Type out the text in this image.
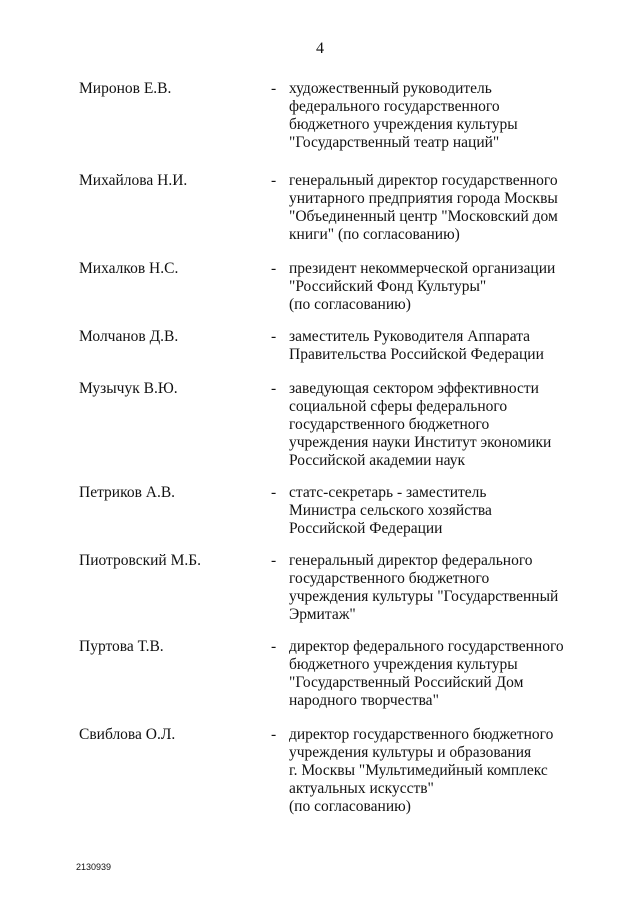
4
Миронов Е.В.	- художественный руководитель
федерального государственного
бюджетного учреждения культуры
"Государственный театр наций"
Михайлова Н.И.	- генеральный директор государственного
унитарного предприятия города Москвы
"Объединенный центр "Московский дом
книги" (по согласованию)
Михалков Н.С.	- президент некоммерческой организации
"Российский Фонд Культуры"
(по согласованию)
Молчанов Д.В.	- заместитель Руководителя Аппарата
Правительства Российской Федерации
Музычук В.Ю.	- заведующая сектором эффективности
социальной сферы федерального
государственного бюджетного
учреждения науки Институт экономики
Российской академии наук
Петриков А.В.	- статс-секретарь - заместитель
Министра сельского хозяйства
Российской Федерации
Пиотровский М.Б.	- генеральный директор федерального
государственного бюджетного
учреждения культуры "Государственный
Эрмитаж"
Пуртова Т.В.	- директор федерального государственного
бюджетного учреждения культуры
"Государственный Российский Дом
народного творчества"
Свиблова О.Л.	- директор государственного бюджетного
учреждения культуры и образования
г. Москвы "Мультимедийный комплекс
актуальных искусств"
(по согласованию)
2130939
